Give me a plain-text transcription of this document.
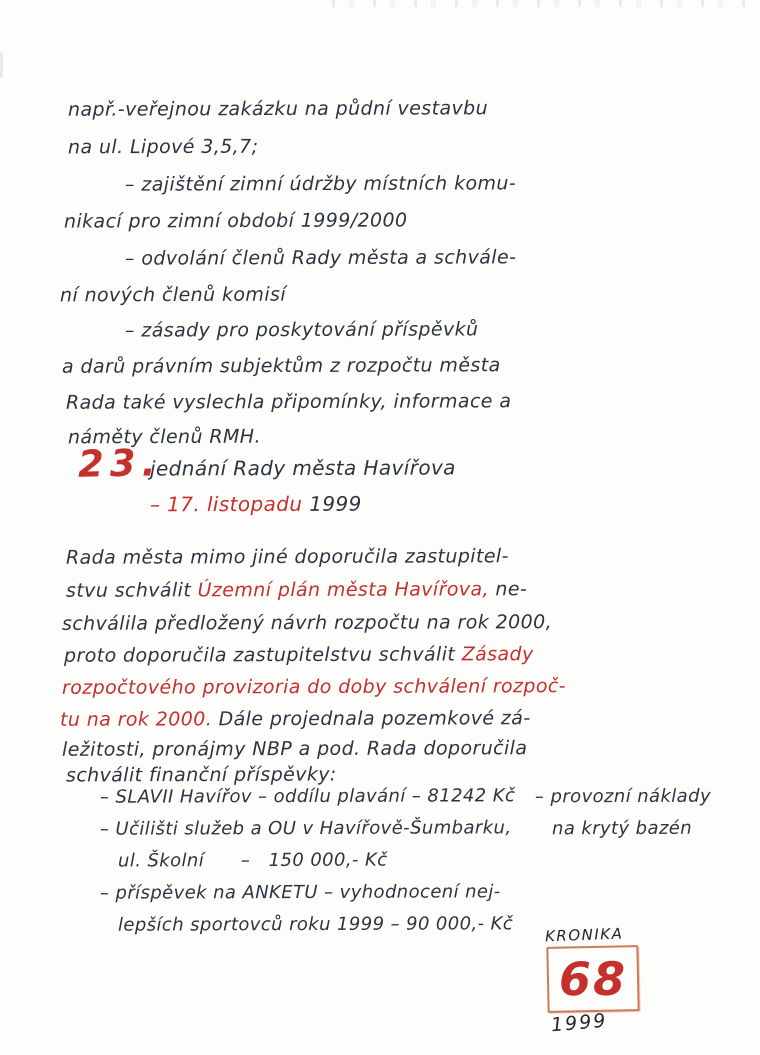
např.-veřejnou zakázku na půdní vestavbu
na ul. Lipové 3,5,7;
– zajištění zimní údržby místních komu-
nikací pro zimní období 1999/2000
– odvolání členů Rady města a schvále-
ní nových členů komisí
– zásady pro poskytování příspěvků
a darů právním subjektům z rozpočtu města
Rada také vyslechla připomínky, informace a
náměty členů RMH.
23.
jednání Rady města Havířova
– 17. listopadu 1999
Rada města mimo jiné doporučila zastupitel-
stvu schválit Územní plán města Havířova, ne-
schválila předložený návrh rozpočtu na rok 2000,
proto doporučila zastupitelstvu schválit Zásady
rozpočtového provizoria do doby schválení rozpoč-
tu na rok 2000. Dále projednala pozemkové zá-
ležitosti, pronájmy NBP a pod. Rada doporučila
schválit finanční příspěvky:
– SLAVII Havířov – oddílu plavání – 81242 Kč
– Učilišti služeb a OU v Havířově-Šumbarku,
ul. Školní      –   150 000,- Kč
– příspěvek na ANKETU – vyhodnocení nej-
lepších sportovců roku 1999 – 90 000,- Kč
– provozní náklady
na krytý bazén
KRONIKA
68
1999
